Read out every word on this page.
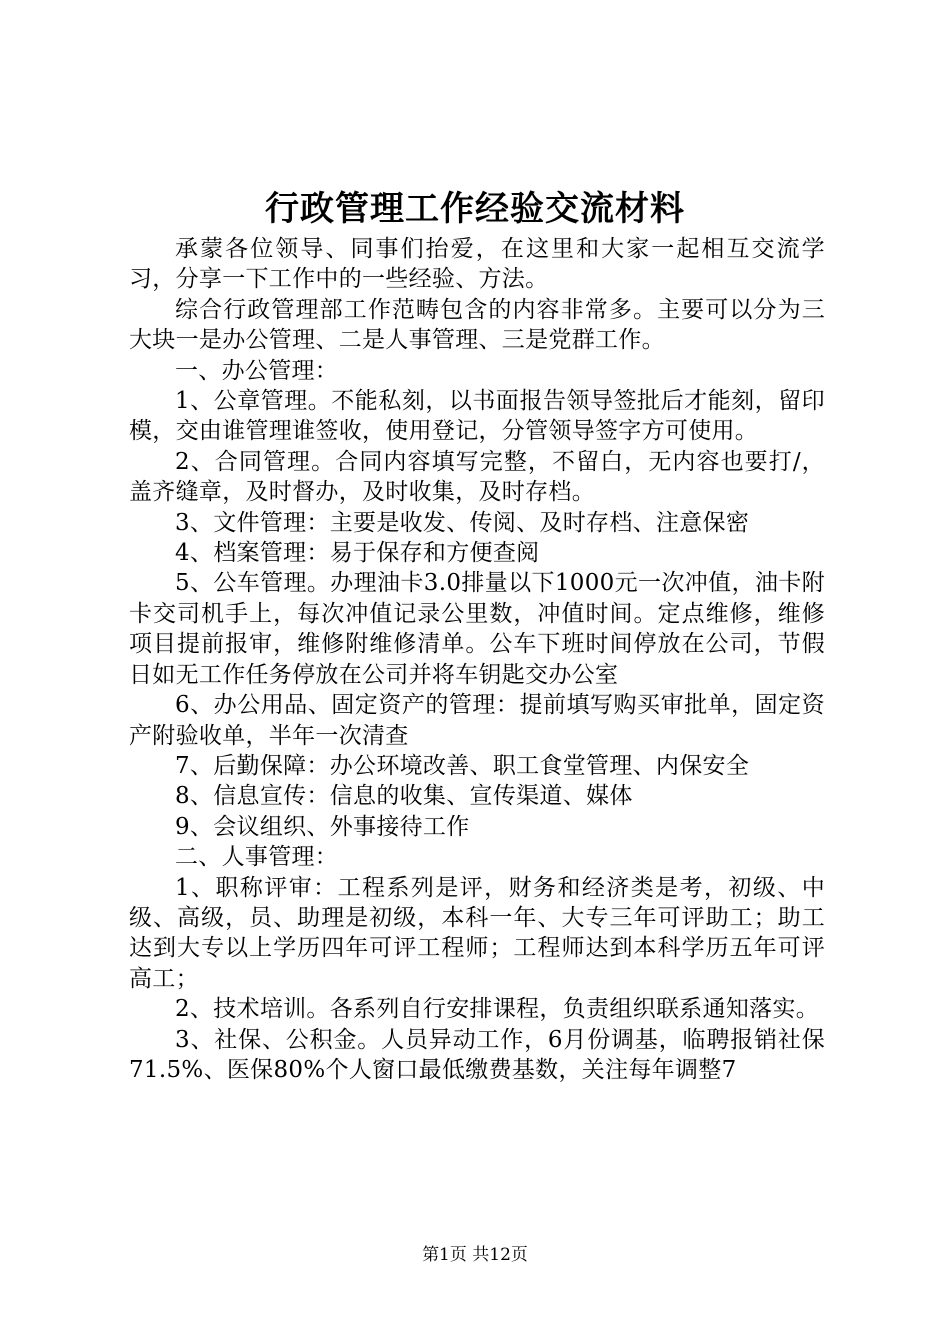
行政管理工作经验交流材料

承蒙各位领导、同事们抬爱，在这里和大家一起相互交流学习，分享一下工作中的一些经验、方法。

综合行政管理部工作范畴包含的内容非常多。主要可以分为三大块一是办公管理、二是人事管理、三是党群工作。

一、办公管理：

1、公章管理。不能私刻，以书面报告领导签批后才能刻，留印模，交由谁管理谁签收，使用登记，分管领导签字方可使用。

2、合同管理。合同内容填写完整，不留白，无内容也要打/，盖齐缝章，及时督办，及时收集，及时存档。

3、文件管理：主要是收发、传阅、及时存档、注意保密

4、档案管理：易于保存和方便查阅

5、公车管理。办理油卡3.0排量以下1000元一次冲值，油卡附卡交司机手上，每次冲值记录公里数，冲值时间。定点维修，维修项目提前报审，维修附维修清单。公车下班时间停放在公司，节假日如无工作任务停放在公司并将车钥匙交办公室

6、办公用品、固定资产的管理：提前填写购买审批单，固定资产附验收单，半年一次清查

7、后勤保障：办公环境改善、职工食堂管理、内保安全

8、信息宣传：信息的收集、宣传渠道、媒体

9、会议组织、外事接待工作

二、人事管理：

1、职称评审：工程系列是评，财务和经济类是考，初级、中级、高级，员、助理是初级，本科一年、大专三年可评助工；助工达到大专以上学历四年可评工程师；工程师达到本科学历五年可评高工；

2、技术培训。各系列自行安排课程，负责组织联系通知落实。

3、社保、公积金。人员异动工作，6月份调基，临聘报销社保71.5%、医保80%个人窗口最低缴费基数，关注每年调整7

第1页 共12页
